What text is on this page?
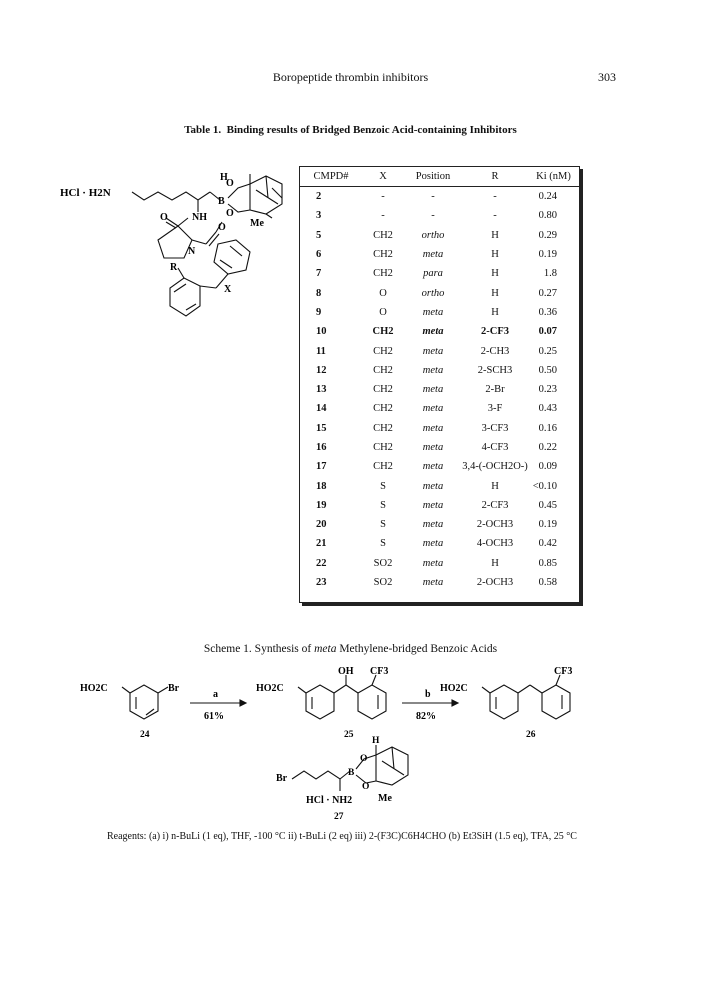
Boropeptide thrombin inhibitors	303
Table 1. Binding results of Bridged Benzoic Acid-containing Inhibitors
HCl · H2N
H
O
B
O
Me
NH
O
N
O
X
R
CMPD#	X	Position	R	Ki (nM)
2	-	-	-	0.24
3	-	-	-	0.80
5	CH2	ortho	H	0.29
6	CH2	meta	H	0.19
7	CH2	para	H	1.8
8	O	ortho	H	0.27
9	O	meta	H	0.36
10	CH2	meta	2-CF3	0.07
11	CH2	meta	2-CH3	0.25
12	CH2	meta	2-SCH3	0.50
13	CH2	meta	2-Br	0.23
14	CH2	meta	3-F	0.43
15	CH2	meta	3-CF3	0.16
16	CH2	meta	4-CF3	0.22
17	CH2	meta	3,4-(-OCH2O-)	0.09
18	S	meta	H	<0.10
19	S	meta	2-CF3	0.45
20	S	meta	2-OCH3	0.19
21	S	meta	4-OCH3	0.42
22	SO2	meta	H	0.85
23	SO2	meta	2-OCH3	0.58
Scheme 1. Synthesis of meta Methylene-bridged Benzoic Acids
HO2C	Br
24
a
61%
HO2C
OH CF3
25
b
82%
HO2C
CF3
26
Br
H
O
B
O
HCl · NH2	Me
27
Reagents: (a) i) n-BuLi (1 eq), THF, -100 °C ii) t-BuLi (2 eq) iii) 2-(F3C)C6H4CHO (b) Et3SiH (1.5 eq), TFA, 25 °C
